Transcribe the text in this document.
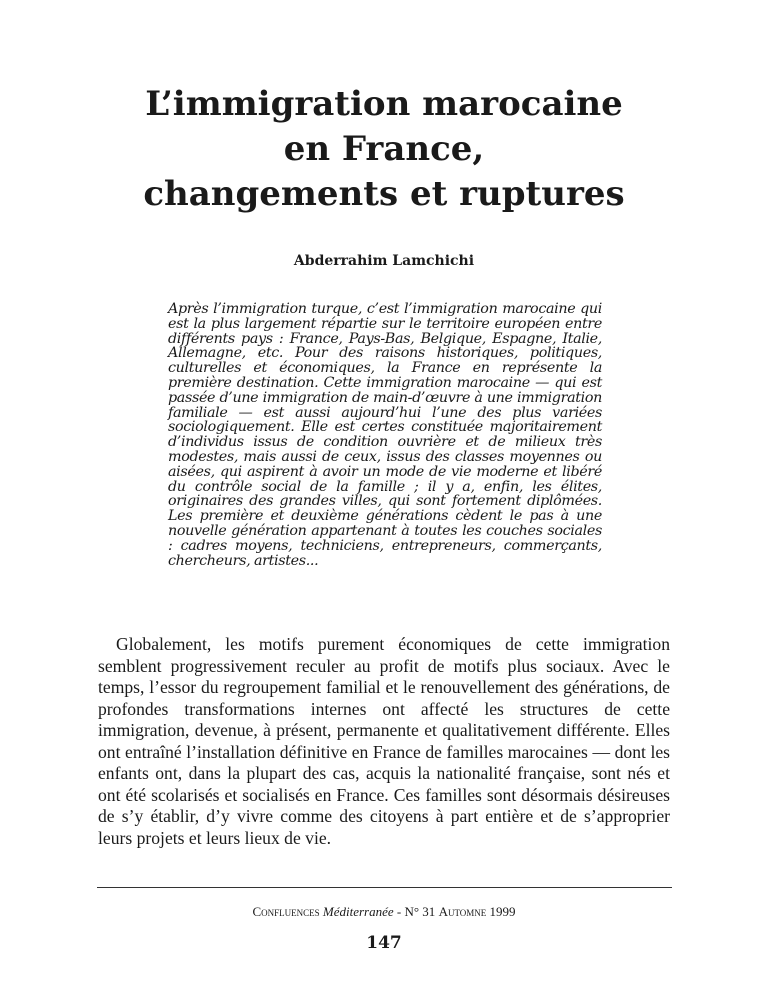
L’immigration marocaine
en France,
changements et ruptures
Abderrahim Lamchichi

Après l’immigration turque, c’est l’immigration marocaine qui est la plus largement répartie sur le territoire européen entre différents pays : France, Pays-Bas, Belgique, Espagne, Italie, Allemagne, etc. Pour des raisons historiques, politiques, culturelles et économiques, la France en représente la première destination. Cette immigration marocaine — qui est passée d’une immigration de main-d’œuvre à une immigration familiale — est aussi aujourd’hui l’une des plus variées sociologiquement. Elle est certes constituée majoritairement d’individus issus de condition ouvrière et de milieux très modestes, mais aussi de ceux, issus des classes moyennes ou aisées, qui aspirent à avoir un mode de vie moderne et libéré du contrôle social de la famille ; il y a, enfin, les élites, originaires des grandes villes, qui sont fortement diplômées. Les première et deuxième générations cèdent le pas à une nouvelle génération appartenant à toutes les couches sociales : cadres moyens, techniciens, entrepreneurs, commerçants, chercheurs, artistes...

Globalement, les motifs purement économiques de cette immigration semblent progressivement reculer au profit de motifs plus sociaux. Avec le temps, l’essor du regroupement familial et le renouvellement des générations, de profondes transformations internes ont affecté les structures de cette immigration, devenue, à présent, permanente et qualitativement différente. Elles ont entraîné l’installation définitive en France de familles marocaines — dont les enfants ont, dans la plupart des cas, acquis la nationalité française, sont nés et ont été scolarisés et socialisés en France. Ces familles sont désormais désireuses de s’y établir, d’y vivre comme des citoyens à part entière et de s’approprier leurs projets et leurs lieux de vie.

Confluences Méditerranée - N° 31 Automne 1999
147
